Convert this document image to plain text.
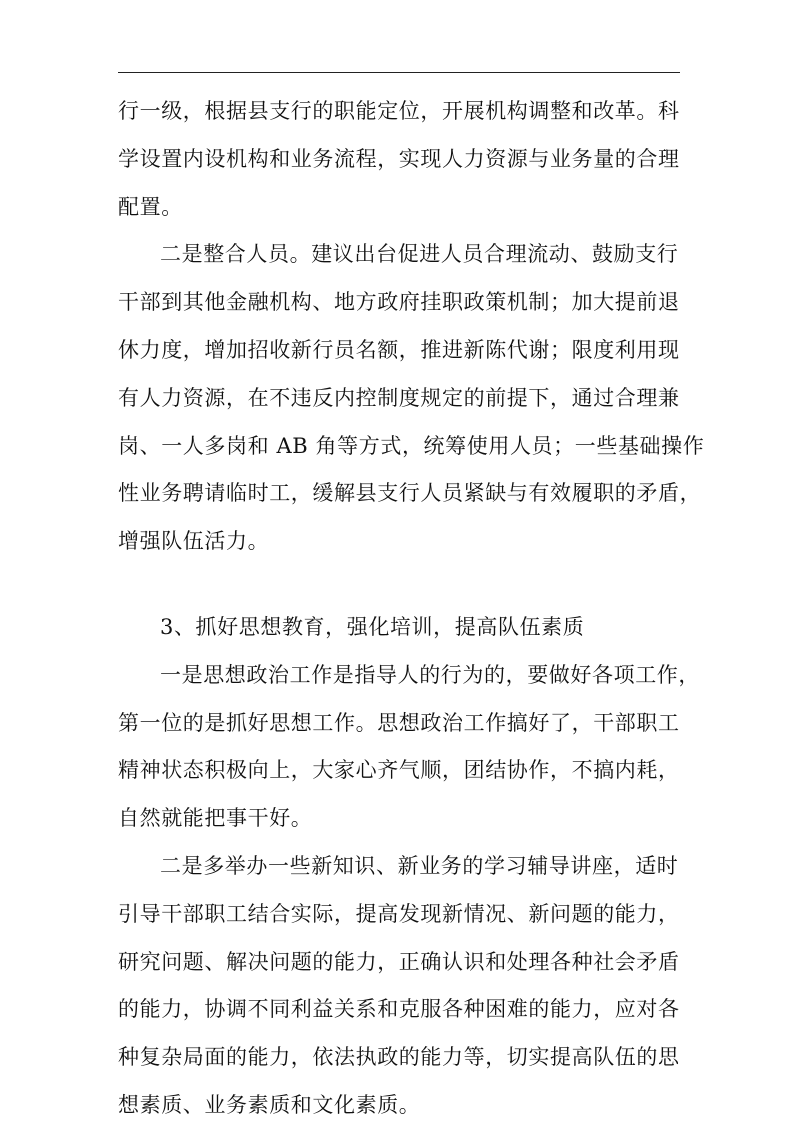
行一级，根据县支行的职能定位，开展机构调整和改革。科
学设置内设机构和业务流程，实现人力资源与业务量的合理
配置。
二是整合人员。建议出台促进人员合理流动、鼓励支行
干部到其他金融机构、地方政府挂职政策机制；加大提前退
休力度，增加招收新行员名额，推进新陈代谢；限度利用现
有人力资源，在不违反内控制度规定的前提下，通过合理兼
岗、一人多岗和 AB 角等方式，统筹使用人员；一些基础操作
性业务聘请临时工，缓解县支行人员紧缺与有效履职的矛盾，
增强队伍活力。
3、抓好思想教育，强化培训，提高队伍素质
一是思想政治工作是指导人的行为的，要做好各项工作，
第一位的是抓好思想工作。思想政治工作搞好了，干部职工
精神状态积极向上，大家心齐气顺，团结协作，不搞内耗，
自然就能把事干好。
二是多举办一些新知识、新业务的学习辅导讲座，适时
引导干部职工结合实际，提高发现新情况、新问题的能力，
研究问题、解决问题的能力，正确认识和处理各种社会矛盾
的能力，协调不同利益关系和克服各种困难的能力，应对各
种复杂局面的能力，依法执政的能力等，切实提高队伍的思
想素质、业务素质和文化素质。
